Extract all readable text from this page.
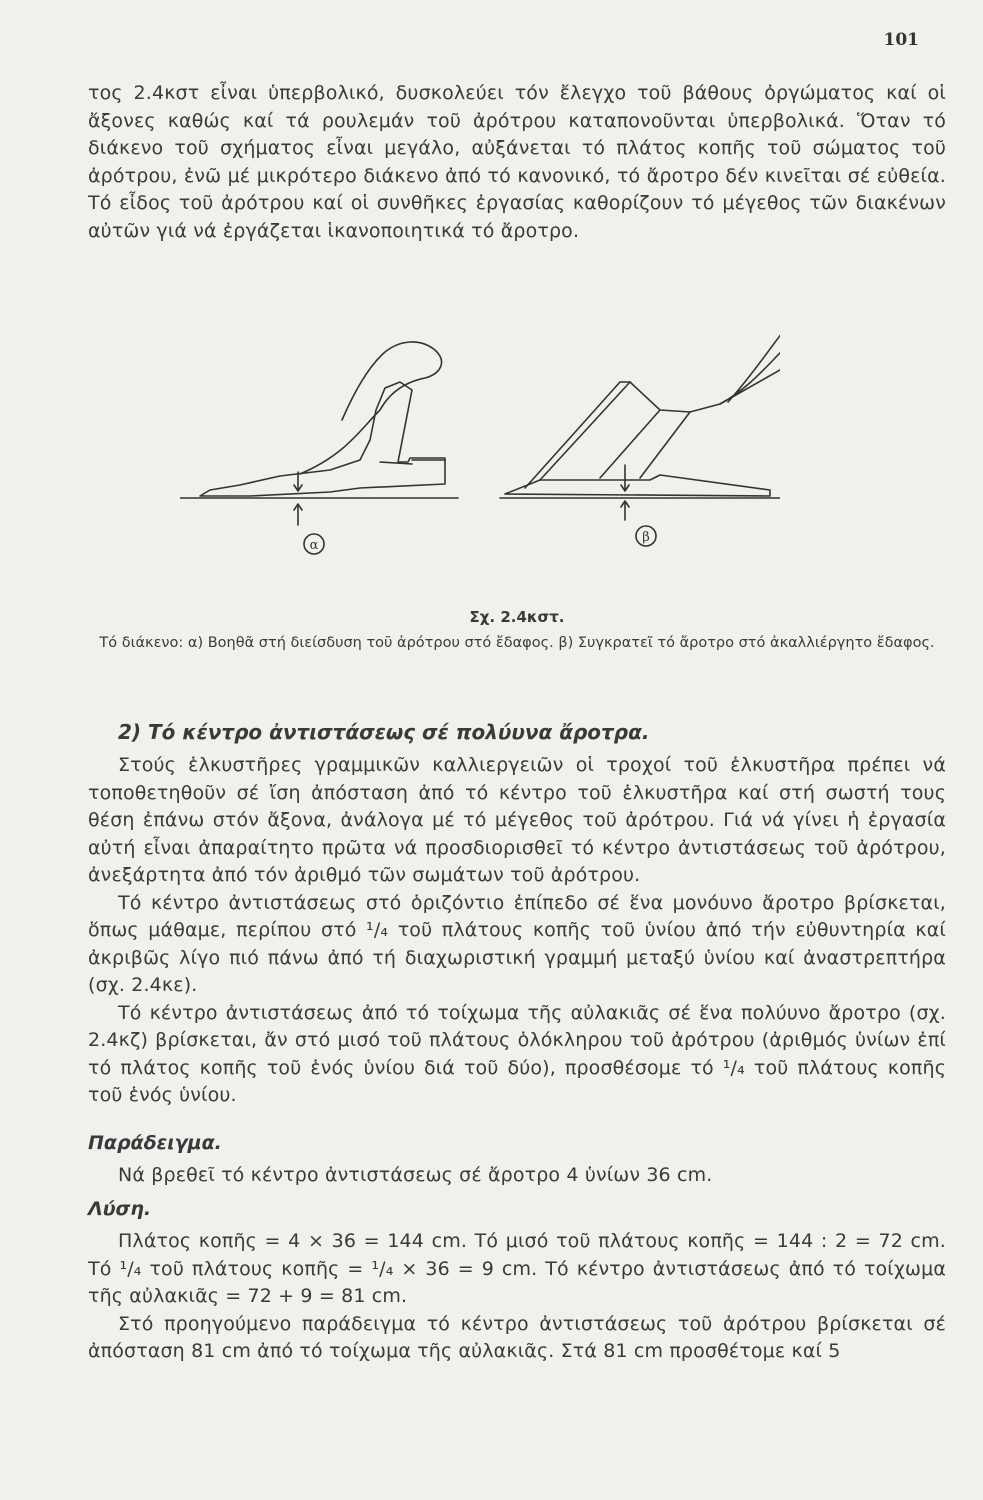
101

τος 2.4κστ εἶναι ὑπερβολικό, δυσκολεύει τόν ἔλεγχο τοῦ βάθους ὀργώματος καί οἱ ἄξονες καθώς καί τά ρουλεμάν τοῦ ἀρότρου καταπονοῦνται ὑπερβολικά. Ὅταν τό διάκενο τοῦ σχήματος εἶναι μεγάλο, αὐξάνεται τό πλάτος κοπῆς τοῦ σώματος τοῦ ἀρότρου, ἐνῶ μέ μικρότερο διάκενο ἀπό τό κανονικό, τό ἄροτρο δέν κινεῖται σέ εὐθεία. Τό εἶδος τοῦ ἀρότρου καί οἱ συνθῆκες ἐργασίας καθορίζουν τό μέγεθος τῶν διακένων αὐτῶν γιά νά ἐργάζεται ἱκανοποιητικά τό ἄροτρο.

α
β
Σχ. 2.4κστ.
Τό διάκενο: α) Βοηθᾶ στή διείσδυση τοῦ ἀρότρου στό ἔδαφος. β) Συγκρατεῖ τό ἄροτρο στό ἀκαλλιέργητο ἔδαφος.
2) Τό κέντρο ἀντιστάσεως σέ πολύυνα ἄροτρα.

Στούς ἑλκυστῆρες γραμμικῶν καλλιεργειῶν οἱ τροχοί τοῦ ἑλκυστῆρα πρέπει νά τοποθετηθοῦν σέ ἴση ἀπόσταση ἀπό τό κέντρο τοῦ ἑλκυστῆρα καί στή σωστή τους θέση ἐπάνω στόν ἄξονα, ἀνάλογα μέ τό μέγεθος τοῦ ἀρότρου. Γιά νά γίνει ἡ ἐργασία αὐτή εἶναι ἀπαραίτητο πρῶτα νά προσδιορισθεῖ τό κέντρο ἀντιστάσεως τοῦ ἀρότρου, ἀνεξάρτητα ἀπό τόν ἀριθμό τῶν σωμάτων τοῦ ἀρότρου.

Τό κέντρο ἀντιστάσεως στό ὁριζόντιο ἐπίπεδο σέ ἕνα μονόυνο ἄροτρο βρίσκεται, ὅπως μάθαμε, περίπου στό ¹/₄ τοῦ πλάτους κοπῆς τοῦ ὑνίου ἀπό τήν εὐθυντηρία καί ἀκριβῶς λίγο πιό πάνω ἀπό τή διαχωριστική γραμμή μεταξύ ὑνίου καί ἀναστρεπτήρα (σχ. 2.4κε).

Τό κέντρο ἀντιστάσεως ἀπό τό τοίχωμα τῆς αὐλακιᾶς σέ ἕνα πολύυνο ἄροτρο (σχ. 2.4κζ) βρίσκεται, ἄν στό μισό τοῦ πλάτους ὁλόκληρου τοῦ ἀρότρου (ἀριθμός ὑνίων ἐπί τό πλάτος κοπῆς τοῦ ἑνός ὑνίου διά τοῦ δύο), προσθέσομε τό ¹/₄ τοῦ πλάτους κοπῆς τοῦ ἑνός ὑνίου.

Παράδειγμα.

Νά βρεθεῖ τό κέντρο ἀντιστάσεως σέ ἄροτρο 4 ὑνίων 36 cm.

Λύση.

Πλάτος κοπῆς = 4 × 36 = 144 cm. Τό μισό τοῦ πλάτους κοπῆς = 144 : 2 = 72 cm. Τό ¹/₄ τοῦ πλάτους κοπῆς = ¹/₄ × 36 = 9 cm. Τό κέντρο ἀντιστάσεως ἀπό τό τοίχωμα τῆς αὐλακιᾶς = 72 + 9 = 81 cm.

Στό προηγούμενο παράδειγμα τό κέντρο ἀντιστάσεως τοῦ ἀρότρου βρίσκεται σέ ἀπόσταση 81 cm ἀπό τό τοίχωμα τῆς αὐλακιᾶς. Στά 81 cm προσθέτομε καί 5
